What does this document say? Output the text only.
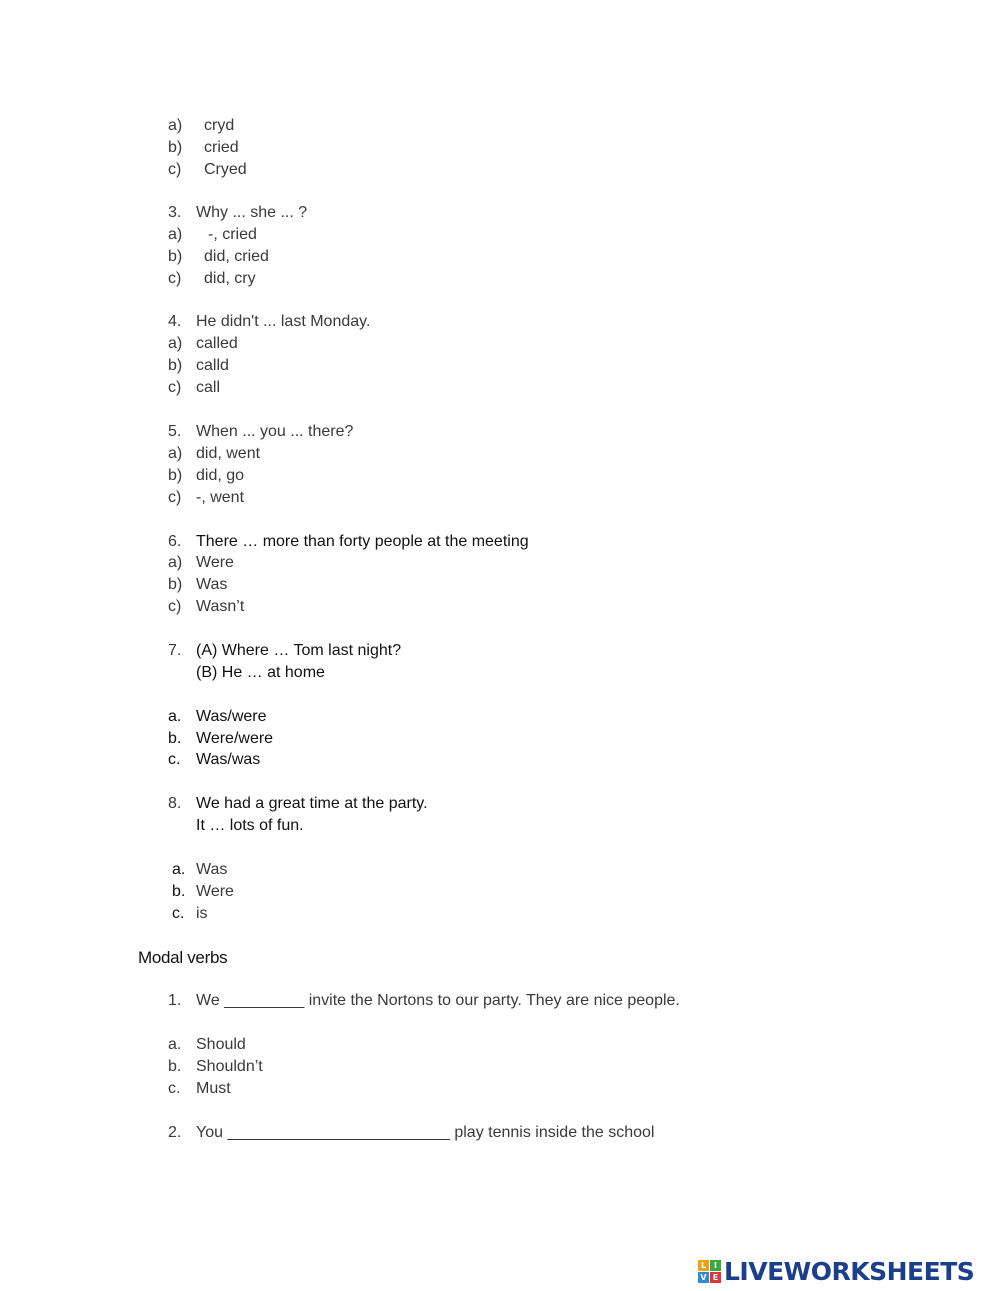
a) cryd
b) cried
c) Cryed
3. Why ... she ... ?
a) -, cried
b) did, cried
c) did, cry
4. He didn't ... last Monday.
a) called
b) calld
c) call
5. When ... you ... there?
a) did, went
b) did, go
c) -, went
6. There … more than forty people at the meeting
a) Were
b) Was
c) Wasn’t
7. (A) Where … Tom last night?
(B) He … at home
a. Was/were
b. Were/were
c. Was/was
8. We had a great time at the party.
It … lots of fun.
a. Was
b. Were
c. is
Modal verbs
1. We _________ invite the Nortons to our party. They are nice people.
a. Should
b. Shouldn’t
c. Must
2. You _________________________ play tennis inside the school
L I
V E LIVEWORKSHEETS
